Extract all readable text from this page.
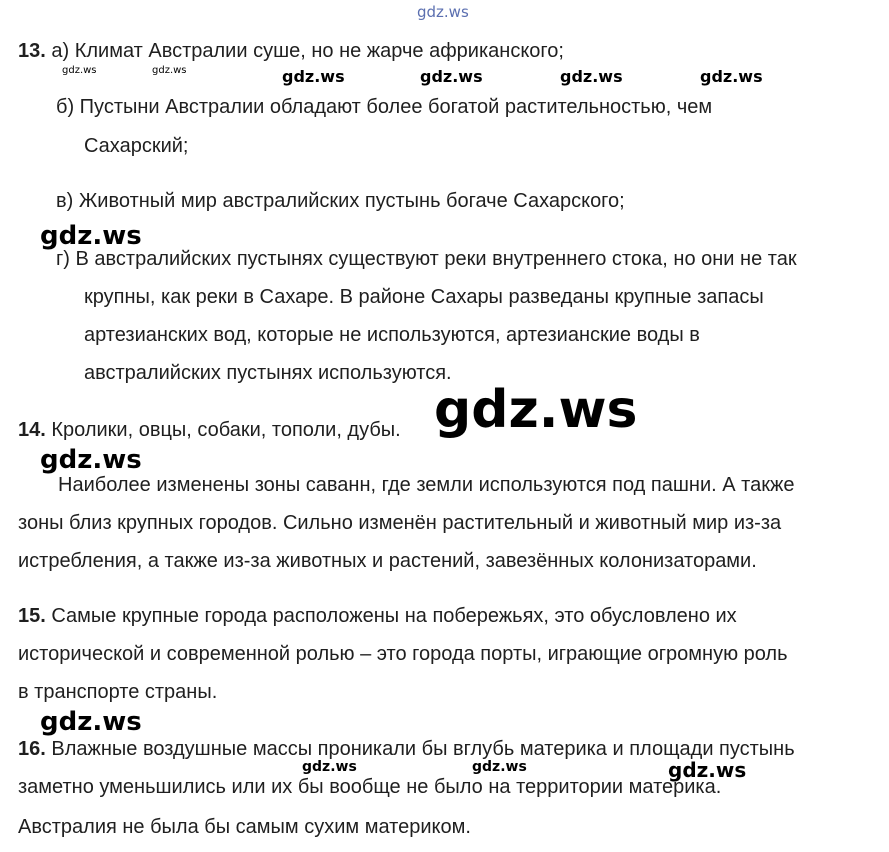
13. а) Климат Австралии суше, но не жарче африканского;
б) Пустыни Австралии обладают более богатой растительностью, чем
Сахарский;
в) Животный мир австралийских пустынь богаче Сахарского;
г) В австралийских пустынях существуют реки внутреннего стока, но они не так
крупны, как реки в Сахаре. В районе Сахары разведаны крупные запасы
артезианских вод, которые не используются, артезианские воды в
австралийских пустынях используются.
14. Кролики, овцы, собаки, тополи, дубы.
Наиболее изменены зоны саванн, где земли используются под пашни. А также
зоны близ крупных городов. Сильно изменён растительный и животный мир из-за
истребления, а также из-за животных и растений, завезённых колонизаторами.
15. Самые крупные города расположены на побережьях, это обусловлено их
исторической и современной ролью – это города порты, играющие огромную роль
в транспорте страны.
16. Влажные воздушные массы проникали бы вглубь материка и площади пустынь
заметно уменьшились или их бы вообще не было на территории материка.
Австралия не была бы самым сухим материком.
gdz.ws
gdz.ws	gdz.ws	gdz.ws	gdz.ws	gdz.ws	gdz.ws
gdz.ws
gdz.ws
gdz.ws
gdz.ws
gdz.ws	gdz.ws	gdz.ws
